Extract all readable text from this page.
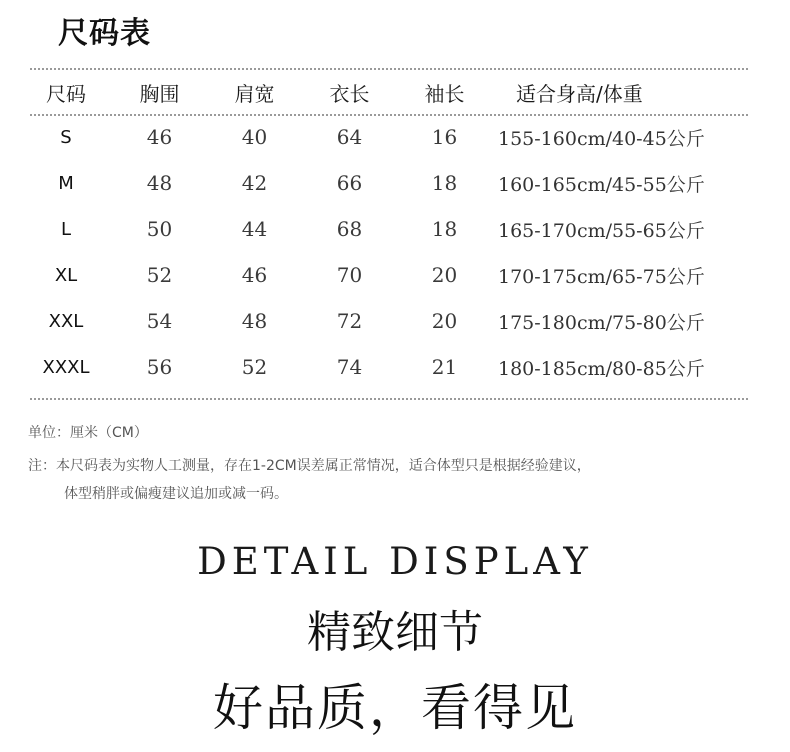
尺码表
尺码	胸围	肩宽	衣长	袖长	适合身高/体重
S	46	40	64	16	155-160cm/40-45公斤
M	48	42	66	18	160-165cm/45-55公斤
L	50	44	68	18	165-170cm/55-65公斤
XL	52	46	70	20	170-175cm/65-75公斤
XXL	54	48	72	20	175-180cm/75-80公斤
XXXL	56	52	74	21	180-185cm/80-85公斤
单位：厘米（CM）
注：本尺码表为实物人工测量，存在1-2CM误差属正常情况，适合体型只是根据经验建议，
体型稍胖或偏瘦建议追加或减一码。
DETAIL DISPLAY
精致细节
好品质，看得见
